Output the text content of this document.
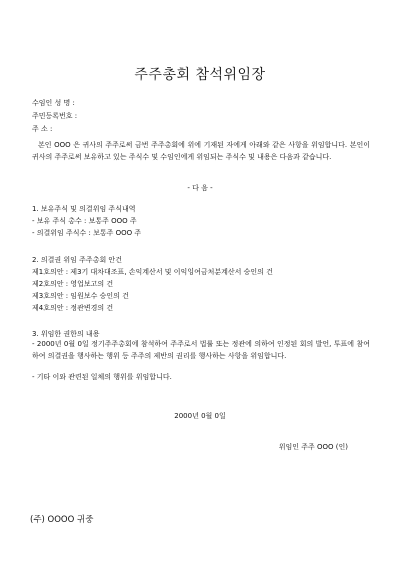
주주총회 참석위임장
수임인 성 명 :
주민등록번호 :
주 소 :
본인 OOO 은 귀사의 주주로써 금번 주주총회에 위에 기재된 자에게 아래와 같은 사항을 위임합니다. 본인이 귀사의 주주로써 보유하고 있는 주식수 및 수임인에게 위임되는 주식수 및 내용은 다음과 같습니다.
- 다 음 -
1. 보유주식 및 의결위임 주식내역
- 보유 주식 총수 : 보통주 OOO 주
- 의결위임 주식수 : 보통주 OOO 주
2. 의결권 위임 주주총회 안건
제1호의안 : 제3기 대차대조표, 손익계산서 및 이익잉여금처분계산서 승인의 건
제2호의안 : 영업보고의 건
제3호의안 : 임원보수 승인의 건
제4호의안 : 정관변경의 건
3. 위임한 권한의 내용
- 2000년 0월 0일 정기주주총회에 참석하여 주주로서 법률 또는 정관에 의하여 인정된 회의 발언, 투표에 참여하여 의결권을 행사하는 행위 등 주주의 제반의 권리를 행사하는 사항을 위임합니다.
- 기타 이와 관련된 일체의 행위를 위임합니다.
2000년 0월 0일
위임인 주주 OOO (인)
(주) OOOO 귀중
